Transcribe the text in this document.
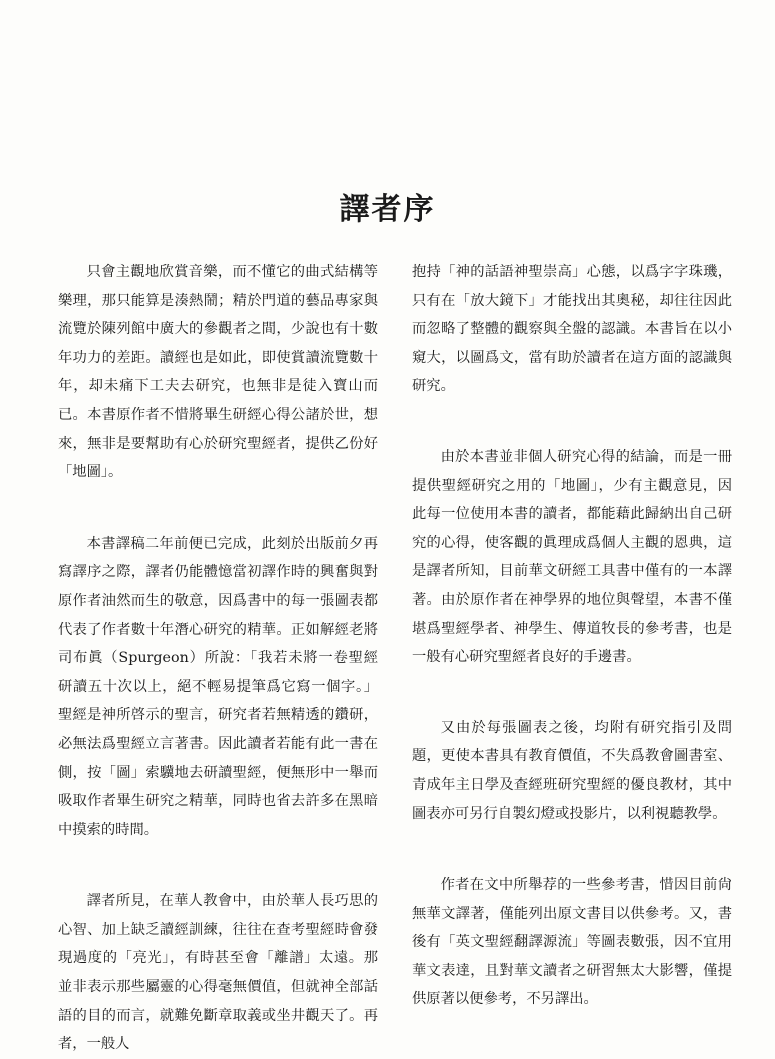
譯者序

只會主觀地欣賞音樂，而不懂它的曲式結構等樂理，那只能算是湊熱鬧；精於門道的藝品專家與流覽於陳列館中廣大的參觀者之間，少說也有十數年功力的差距。讀經也是如此，即使賞讀流覽數十年，却未痛下工夫去研究，也無非是徒入寶山而已。本書原作者不惜將畢生研經心得公諸於世，想來，無非是要幫助有心於研究聖經者，提供乙份好「地圖」。

本書譯稿二年前便已完成，此刻於出版前夕再寫譯序之際，譯者仍能體憶當初譯作時的興奮與對原作者油然而生的敬意，因爲書中的每一張圖表都代表了作者數十年潛心研究的精華。正如解經老將司布眞（Spurgeon）所說：「我若未將一卷聖經研讀五十次以上，絕不輕易提筆爲它寫一個字。」聖經是神所啓示的聖言，研究者若無精透的鑽研，必無法爲聖經立言著書。因此讀者若能有此一書在側，按「圖」索驥地去研讀聖經，便無形中一舉而吸取作者畢生研究之精華，同時也省去許多在黑暗中摸索的時間。

譯者所見，在華人教會中，由於華人長巧思的心智、加上缺乏讀經訓練，往往在查考聖經時會發現過度的「亮光」，有時甚至會「離譜」太遠。那並非表示那些屬靈的心得毫無價值，但就神全部話語的目的而言，就難免斷章取義或坐井觀天了。再者，一般人

抱持「神的話語神聖崇高」心態，以爲字字珠璣，只有在「放大鏡下」才能找出其奧秘，却往往因此而忽略了整體的觀察與全盤的認識。本書旨在以小窺大，以圖爲文，當有助於讀者在這方面的認識與研究。

由於本書並非個人研究心得的結論，而是一冊提供聖經研究之用的「地圖」，少有主觀意見，因此每一位使用本書的讀者，都能藉此歸納出自己研究的心得，使客觀的眞理成爲個人主觀的恩典，這是譯者所知，目前華文研經工具書中僅有的一本譯著。由於原作者在神學界的地位與聲望，本書不僅堪爲聖經學者、神學生、傳道牧長的參考書，也是一般有心研究聖經者良好的手邊書。

又由於每張圖表之後，均附有研究指引及問題，更使本書具有教育價值，不失爲教會圖書室、青成年主日學及查經班研究聖經的優良教材，其中圖表亦可另行自製幻燈或投影片，以利視聽教學。

作者在文中所舉荐的一些參考書，惜因目前尙無華文譯著，僅能列出原文書目以供參考。又，書後有「英文聖經翻譯源流」等圖表數張，因不宜用華文表達，且對華文讀者之研習無太大影響，僅提供原著以便參考，不另譯出。
